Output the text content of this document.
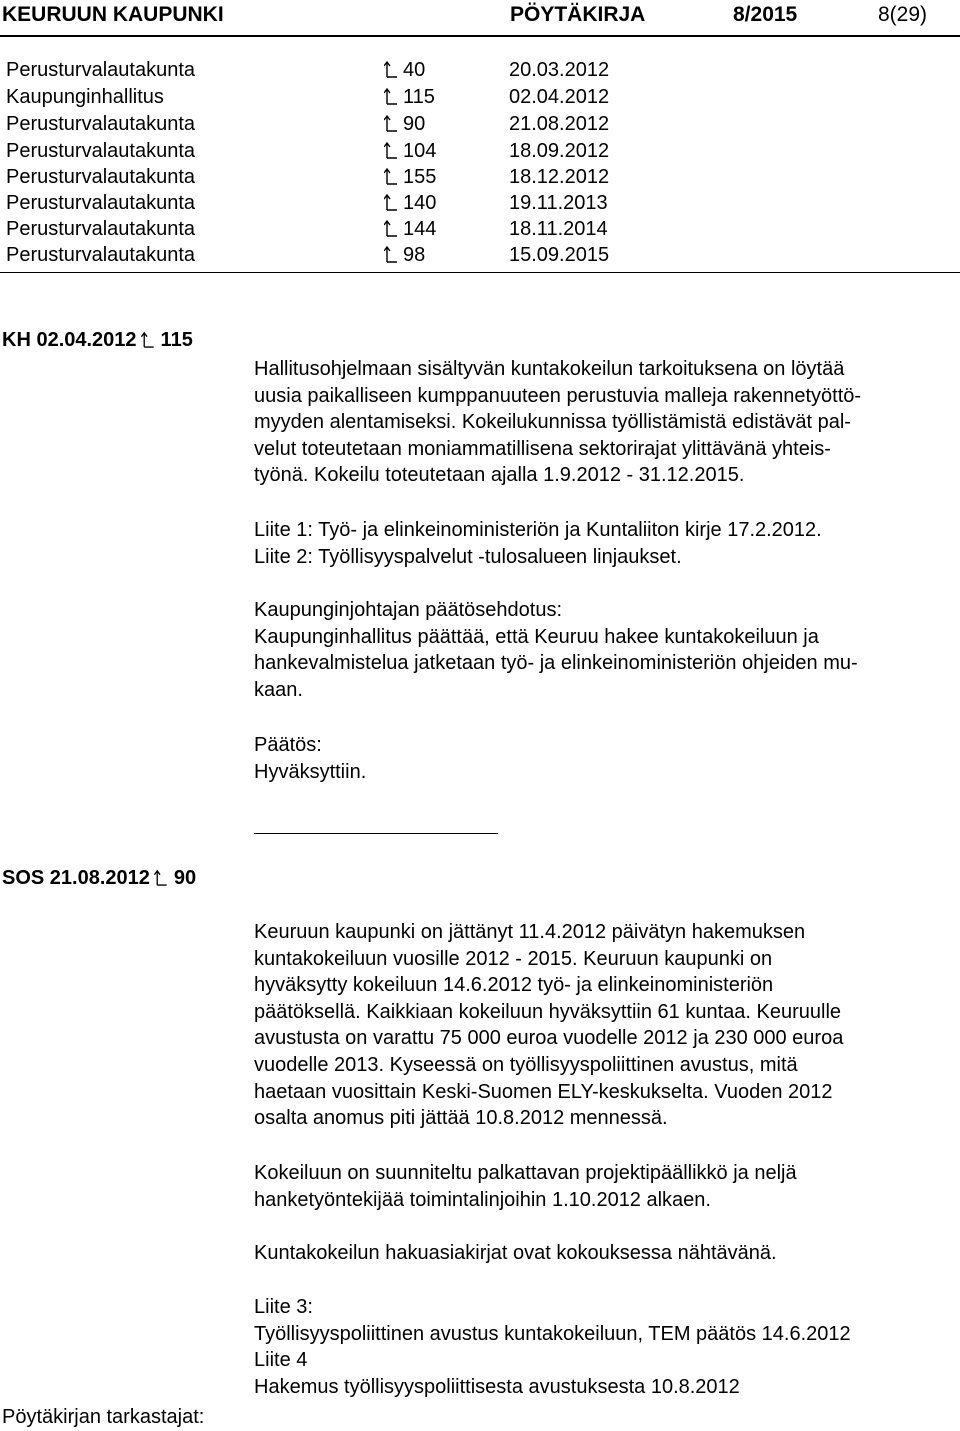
KEURUUN KAUPUNKI	PÖYTÄKIRJA	8/2015	8(29)
Perusturvalautakunta	40	20.03.2012
Kaupunginhallitus	115	02.04.2012
Perusturvalautakunta	90	21.08.2012
Perusturvalautakunta	104	18.09.2012
Perusturvalautakunta	155	18.12.2012
Perusturvalautakunta	140	19.11.2013
Perusturvalautakunta	144	18.11.2014
Perusturvalautakunta	98	15.09.2015
KH 02.04.2012 115
Hallitusohjelmaan sisältyvän kuntakokeilun tarkoituksena on löytää
uusia paikalliseen kumppanuuteen perustuvia malleja rakennetyöttö-
myyden alentamiseksi. Kokeilukunnissa työllistämistä edistävät pal-
velut toteutetaan moniammatillisena sektorirajat ylittävänä yhteis-
työnä. Kokeilu toteutetaan ajalla 1.9.2012 - 31.12.2015.
Liite 1: Työ- ja elinkeinoministeriön ja Kuntaliiton kirje 17.2.2012.
Liite 2: Työllisyyspalvelut -tulosalueen linjaukset.
Kaupunginjohtajan päätösehdotus:
Kaupunginhallitus päättää, että Keuruu hakee kuntakokeiluun ja
hankevalmistelua jatketaan työ- ja elinkeinoministeriön ohjeiden mu-
kaan.
Päätös:
Hyväksyttiin.
SOS 21.08.2012 90
Keuruun kaupunki on jättänyt 11.4.2012 päivätyn hakemuksen
kuntakokeiluun vuosille 2012 - 2015. Keuruun kaupunki on
hyväksytty kokeiluun 14.6.2012 työ- ja elinkeinoministeriön
päätöksellä. Kaikkiaan kokeiluun hyväksyttiin 61 kuntaa. Keuruulle
avustusta on varattu 75 000 euroa vuodelle 2012 ja 230 000 euroa
vuodelle 2013. Kyseessä on työllisyyspoliittinen avustus, mitä
haetaan vuosittain Keski-Suomen ELY-keskukselta. Vuoden 2012
osalta anomus piti jättää 10.8.2012 mennessä.
Kokeiluun on suunniteltu palkattavan projektipäällikkö ja neljä
hanketyöntekijää toimintalinjoihin 1.10.2012 alkaen.
Kuntakokeilun hakuasiakirjat ovat kokouksessa nähtävänä.
Liite 3:
Työllisyyspoliittinen avustus kuntakokeiluun, TEM päätös 14.6.2012
Liite 4
Hakemus työllisyyspoliittisesta avustuksesta 10.8.2012
Pöytäkirjan tarkastajat:
